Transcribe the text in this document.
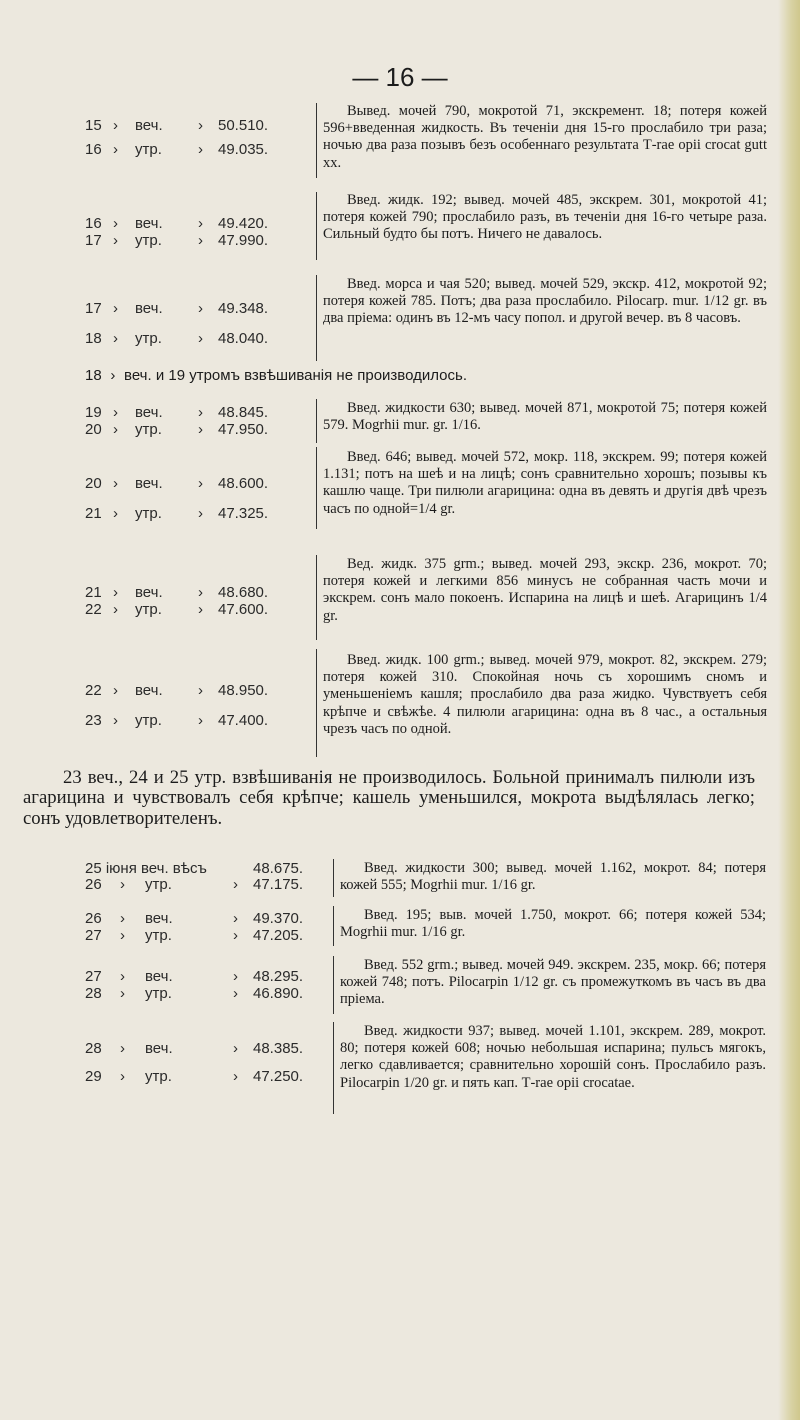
— 16 —
15 › веч. › 50.510.
16 › утр. › 49.035.
Вывед. мочей 790, мокротой 71, экскремент. 18; потеря кожей 596+введенная жидкость. Въ теченіи дня 15-го прослабило три раза; ночью два раза позывъ безъ особеннаго результата Т-rae opii crocat gutt xx.
16 › веч. › 49.420.
17 › утр. › 47.990.
Введ. жидк. 192; вывед. мочей 485, экскрем. 301, мокротой 41; потеря кожей 790; прослабило разъ, въ теченіи дня 16-го четыре раза. Сильный будто бы потъ. Ничего не давалось.
17 › веч. › 49.348.
18 › утр. › 48.040.
Введ. морса и чая 520; вывед. мочей 529, экскр. 412, мокротой 92; потеря кожей 785. Потъ; два раза прослабило. Pilocarp. mur. 1/12 gr. въ два пріема: одинъ въ 12-мъ часу попол. и другой вечер. въ 8 часовъ.
18 › веч. и 19 утромъ взвѣшиванія не производилось.
19 › веч. › 48.845.
20 › утр. › 47.950.
Введ. жидкости 630; вывед. мочей 871, мокротой 75; потеря кожей 579. Mogrhii mur. gr. 1/16.
20 › веч. › 48.600.
21 › утр. › 47.325.
Введ. 646; вывед. мочей 572, мокр. 118, экскрем. 99; потеря кожей 1.131; потъ на шеѣ и на лицѣ; сонъ сравнительно хорошъ; позывы къ кашлю чаще. Три пилюли агарицина: одна въ девять и другія двѣ чрезъ часъ по одной=1/4 gr.
21 › веч. › 48.680.
22 › утр. › 47.600.
Вед. жидк. 375 grm.; вывед. мочей 293, экскр. 236, мокрот. 70; потеря кожей и легкими 856 минусъ не собранная часть мочи и экскрем. сонъ мало покоенъ. Испарина на лицѣ и шеѣ. Агарицинъ 1/4 gr.
22 › веч. › 48.950.
23 › утр. › 47.400.
Введ. жидк. 100 grm.; вывед. мочей 979, мокрот. 82, экскрем. 279; потеря кожей 310. Спокойная ночь съ хорошимъ сномъ и уменьшеніемъ кашля; прослабило два раза жидко. Чувствуетъ себя крѣпче и свѣжѣе. 4 пилюли агарицина: одна въ 8 час., а остальныя чрезъ часъ по одной.
23 веч., 24 и 25 утр. взвѣшиванія не производилось. Больной принималъ пилюли изъ агарицина и чувствовалъ себя крѣпче; кашель уменьшился, мокрота выдѣлялась легко; сонъ удовлетворителенъ.
25 іюня веч. вѣсъ	48.675.
26 › утр.	› 47.175.
Введ. жидкости 300; вывед. мочей 1.162, мокрот. 84; потеря кожей 555; Mogrhii mur. 1/16 gr.
26 › веч.	› 49.370.
27 › утр.	› 47.205.
Введ. 195; выв. мочей 1.750, мокрот. 66; потеря кожей 534; Mogrhii mur. 1/16 gr.
27 › веч.	› 48.295.
28 › утр.	› 46.890.
Введ. 552 grm.; вывед. мочей 949. экскрем. 235, мокр. 66; потеря кожей 748; потъ. Pilocarpin 1/12 gr. съ промежуткомъ въ часъ въ два пріема.
28 › веч.	› 48.385.
29 › утр.	› 47.250.
Введ. жидкости 937; вывед. мочей 1.101, экскрем. 289, мокрот. 80; потеря кожей 608; ночью небольшая испарина; пульсъ мягокъ, легко сдавливается; сравнительно хорошій сонъ. Прослабило разъ. Pilocarpin 1/20 gr. и пять кап. Т-rae opii crocatae.
